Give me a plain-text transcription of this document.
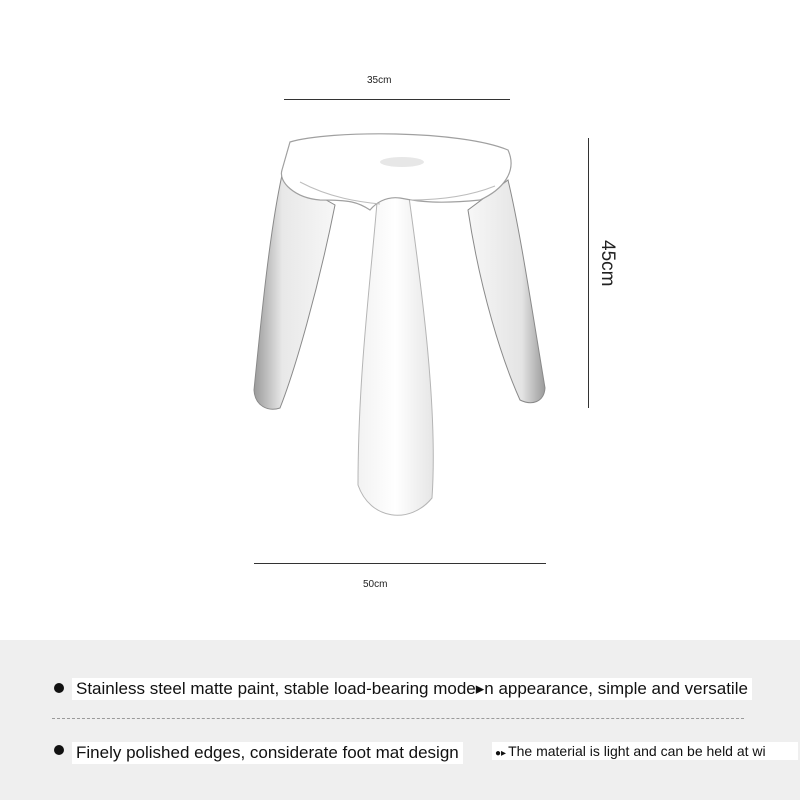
35cm
45cm
50cm
Stainless steel matte paint, stable load-bearing mode▸n appearance, simple and versatile
Finely polished edges, considerate foot mat design	●▸ The material is light and can be held at wi
